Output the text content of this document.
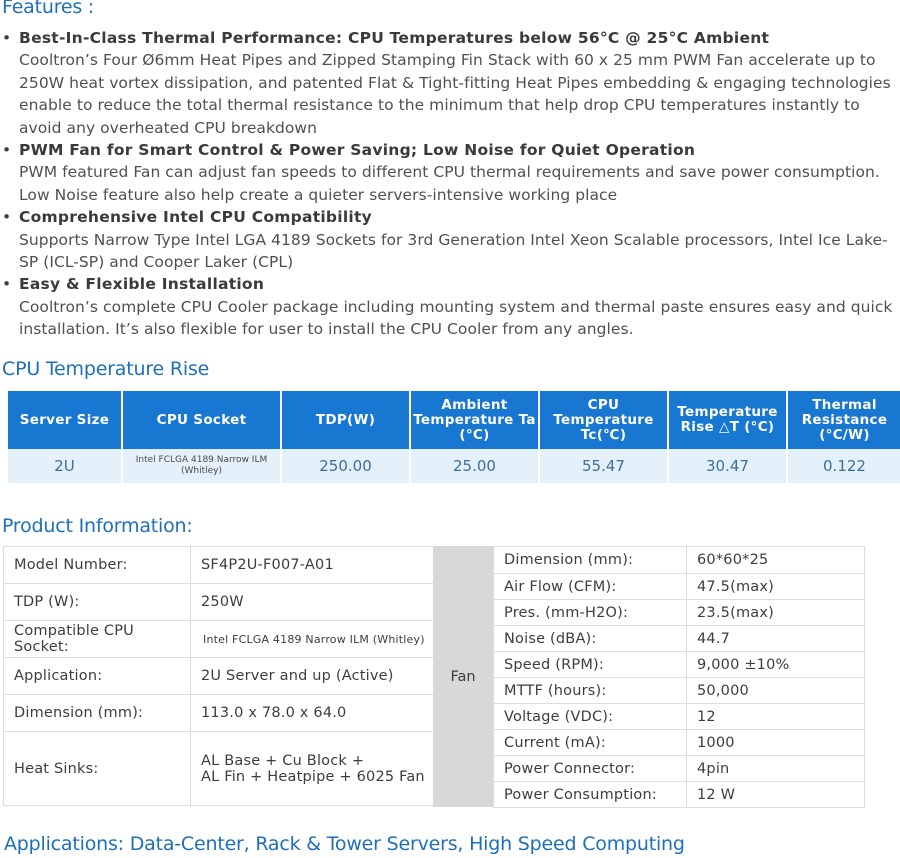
Features :
• Best-In-Class Thermal Performance: CPU Temperatures below 56°C @ 25°C Ambient
Cooltron’s Four Ø6mm Heat Pipes and Zipped Stamping Fin Stack with 60 x 25 mm PWM Fan accelerate up to 250W heat vortex dissipation, and patented Flat & Tight-fitting Heat Pipes embedding & engaging technologies enable to reduce the total thermal resistance to the minimum that help drop CPU temperatures instantly to avoid any overheated CPU breakdown
• PWM Fan for Smart Control & Power Saving; Low Noise for Quiet Operation
PWM featured Fan can adjust fan speeds to different CPU thermal requirements and save power consumption. Low Noise feature also help create a quieter servers-intensive working place
• Comprehensive Intel CPU Compatibility
Supports Narrow Type Intel LGA 4189 Sockets for 3rd Generation Intel Xeon Scalable processors, Intel Ice Lake-SP (ICL-SP) and Cooper Laker (CPL)
• Easy & Flexible Installation
Cooltron’s complete CPU Cooler package including mounting system and thermal paste ensures easy and quick installation. It’s also flexible for user to install the CPU Cooler from any angles.
CPU Temperature Rise
Server Size	CPU Socket	TDP(W)	Ambient Temperature Ta (°C)	CPU Temperature Tc(℃)	Temperature Rise △T (°C)	Thermal Resistance (°C/W)
2U	Intel FCLGA 4189 Narrow ILM (Whitley)	250.00	25.00	55.47	30.47	0.122
Product Information:
Model Number:	SF4P2U-F007-A01
TDP (W):	250W
Compatible CPU Socket:	Intel FCLGA 4189 Narrow ILM (Whitley)
Application:	2U Server and up (Active)
Dimension (mm):	113.0 x 78.0 x 64.0
Heat Sinks:	AL Base + Cu Block +
AL Fin + Heatpipe + 6025 Fan
Fan
Dimension (mm):	60*60*25
Air Flow (CFM):	47.5(max)
Pres. (mm-H2O):	23.5(max)
Noise (dBA):	44.7
Speed (RPM):	9,000 ±10%
MTTF (hours):	50,000
Voltage (VDC):	12
Current (mA):	1000
Power Connector:	4pin
Power Consumption:	12 W
Applications: Data-Center, Rack & Tower Servers, High Speed Computing
